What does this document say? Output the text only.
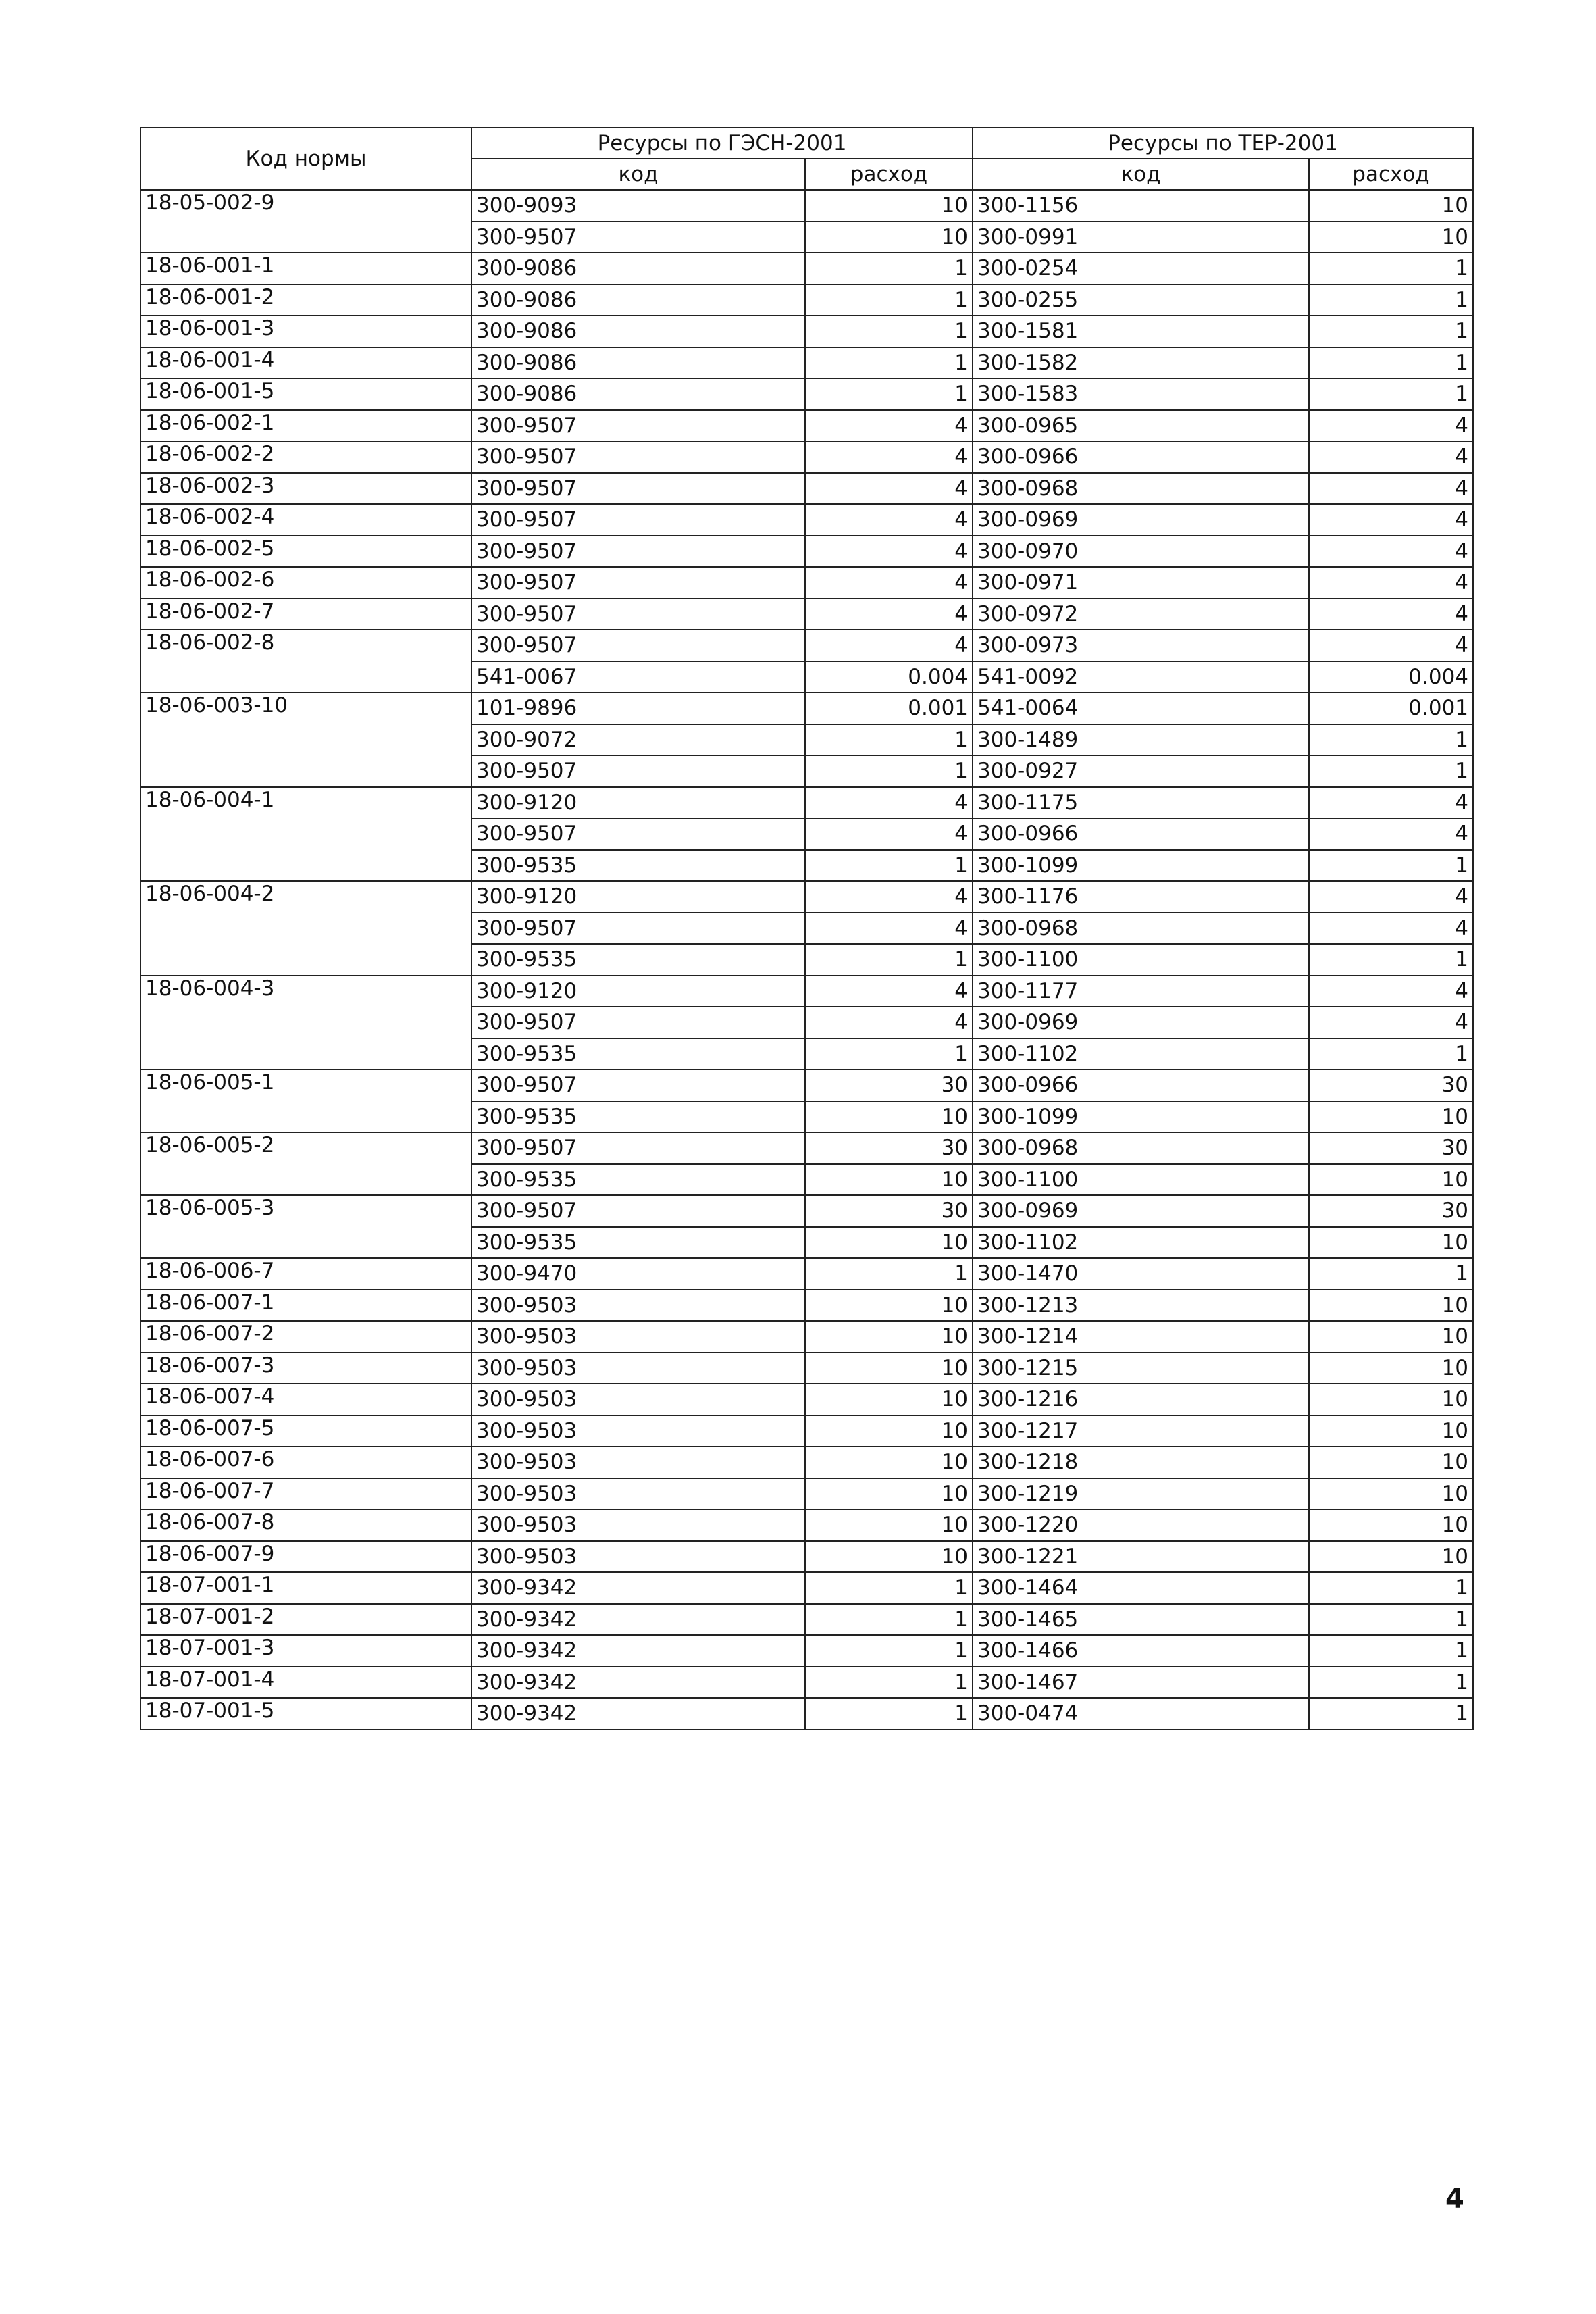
Код нормы	Ресурсы по ГЭСН-2001		Ресурсы по ТЕР-2001	
	код	расход	код	расход
18-05-002-9	300-9093	10	300-1156	10
	300-9507	10	300-0991	10
18-06-001-1	300-9086	1	300-0254	1
18-06-001-2	300-9086	1	300-0255	1
18-06-001-3	300-9086	1	300-1581	1
18-06-001-4	300-9086	1	300-1582	1
18-06-001-5	300-9086	1	300-1583	1
18-06-002-1	300-9507	4	300-0965	4
18-06-002-2	300-9507	4	300-0966	4
18-06-002-3	300-9507	4	300-0968	4
18-06-002-4	300-9507	4	300-0969	4
18-06-002-5	300-9507	4	300-0970	4
18-06-002-6	300-9507	4	300-0971	4
18-06-002-7	300-9507	4	300-0972	4
18-06-002-8	300-9507	4	300-0973	4
	541-0067	0.004	541-0092	0.004
18-06-003-10	101-9896	0.001	541-0064	0.001
	300-9072	1	300-1489	1
	300-9507	1	300-0927	1
18-06-004-1	300-9120	4	300-1175	4
	300-9507	4	300-0966	4
	300-9535	1	300-1099	1
18-06-004-2	300-9120	4	300-1176	4
	300-9507	4	300-0968	4
	300-9535	1	300-1100	1
18-06-004-3	300-9120	4	300-1177	4
	300-9507	4	300-0969	4
	300-9535	1	300-1102	1
18-06-005-1	300-9507	30	300-0966	30
	300-9535	10	300-1099	10
18-06-005-2	300-9507	30	300-0968	30
	300-9535	10	300-1100	10
18-06-005-3	300-9507	30	300-0969	30
	300-9535	10	300-1102	10
18-06-006-7	300-9470	1	300-1470	1
18-06-007-1	300-9503	10	300-1213	10
18-06-007-2	300-9503	10	300-1214	10
18-06-007-3	300-9503	10	300-1215	10
18-06-007-4	300-9503	10	300-1216	10
18-06-007-5	300-9503	10	300-1217	10
18-06-007-6	300-9503	10	300-1218	10
18-06-007-7	300-9503	10	300-1219	10
18-06-007-8	300-9503	10	300-1220	10
18-06-007-9	300-9503	10	300-1221	10
18-07-001-1	300-9342	1	300-1464	1
18-07-001-2	300-9342	1	300-1465	1
18-07-001-3	300-9342	1	300-1466	1
18-07-001-4	300-9342	1	300-1467	1
18-07-001-5	300-9342	1	300-0474	1
4
